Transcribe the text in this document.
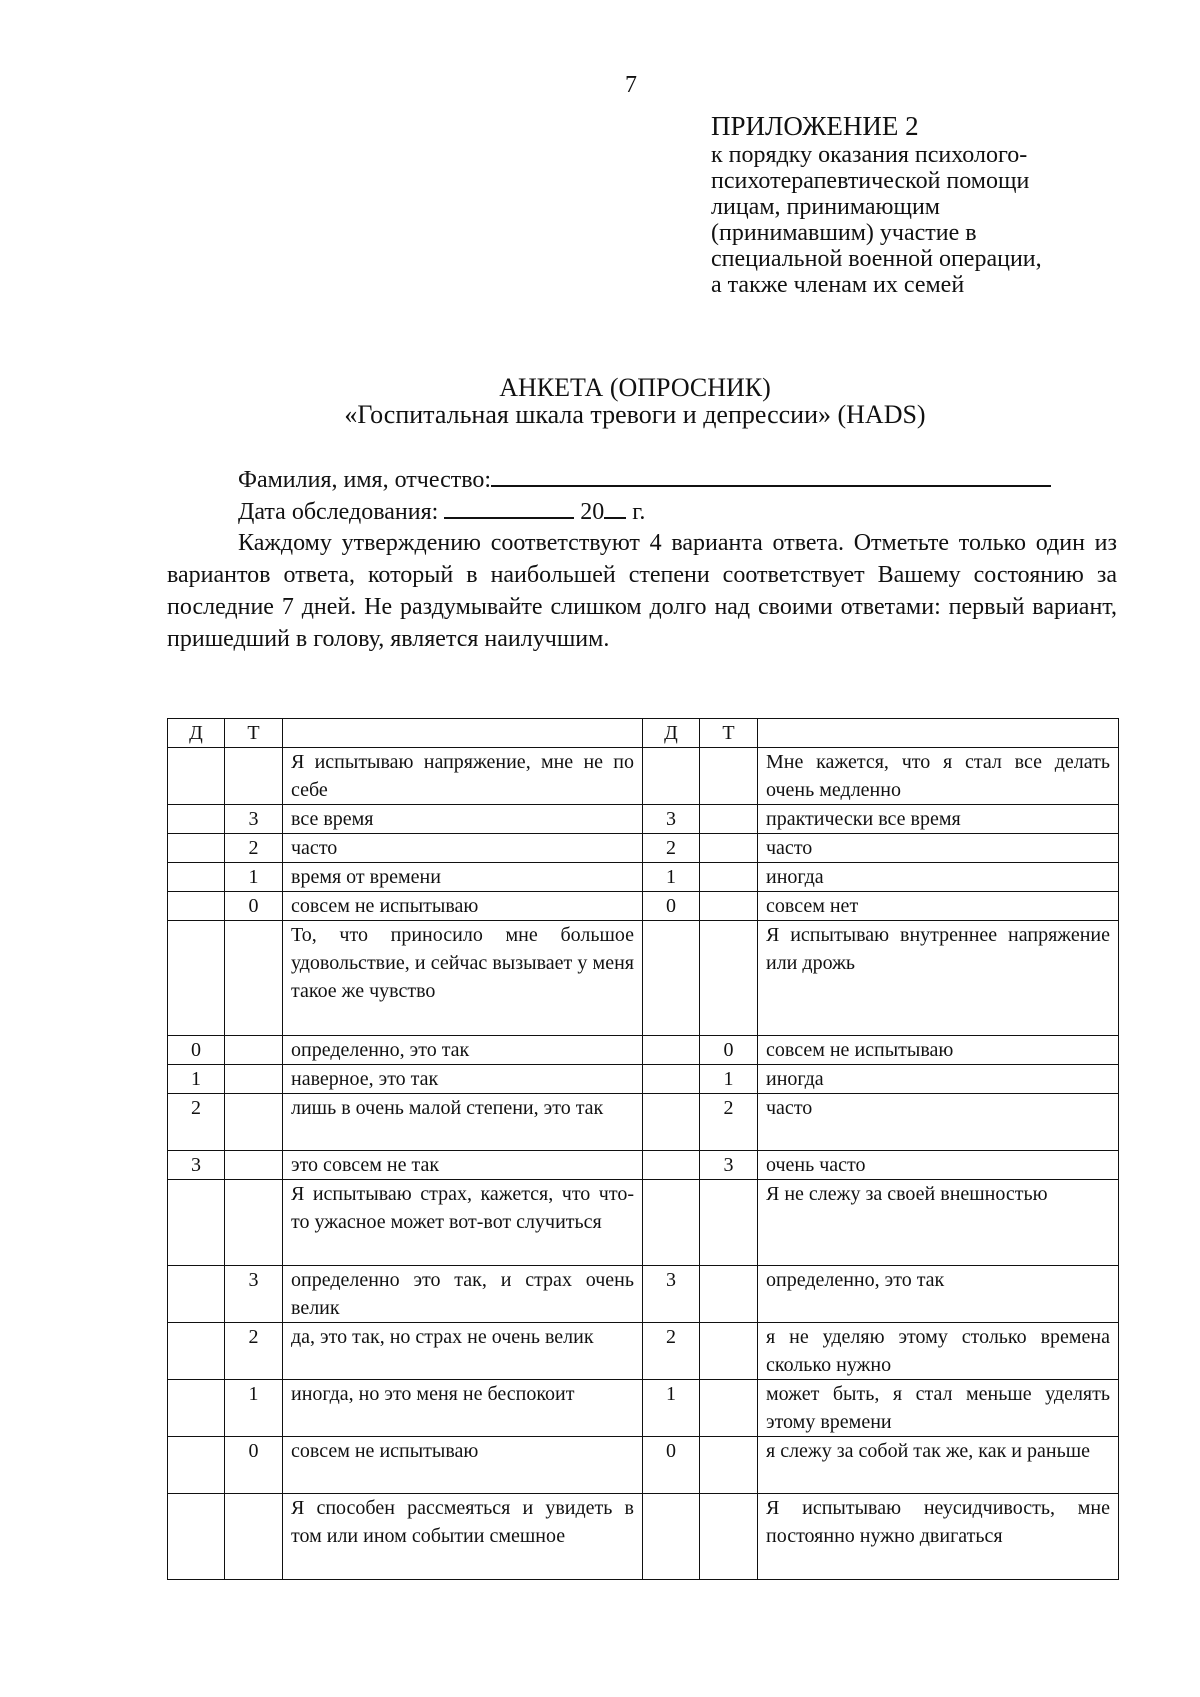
7
ПРИЛОЖЕНИЕ 2
к порядку оказания психолого-
психотерапевтической помощи
лицам, принимающим
(принимавшим) участие в
специальной военной операции,
а также членам их семей
АНКЕТА (ОПРОСНИК)
«Госпитальная шкала тревоги и депрессии» (HADS)
Фамилия, имя, отчество:
Дата обследования:	20 г.
Каждому утверждению соответствуют 4 варианта ответа. Отметьте только один из вариантов ответа, который в наибольшей степени соответствует Вашему состоянию за последние 7 дней. Не раздумывайте слишком долго над своими ответами: первый вариант, пришедший в голову, является наилучшим.
Д	Т		Д	Т	
		Я испытываю напряжение, мне не по себе			Мне кажется, что я стал все делать очень медленно
	3	все время	3		практически все время
	2	часто	2		часто
	1	время от времени	1		иногда
	0	совсем не испытываю	0		совсем нет
		То, что приносило мне большое удовольствие, и сейчас вызывает у меня такое же чувство			Я испытываю внутреннее напряжение или дрожь
0		определенно, это так		0	совсем не испытываю
1		наверное, это так		1	иногда
2		лишь в очень малой степени, это так		2	часто
3		это совсем не так		3	очень часто
		Я испытываю страх, кажется, что что-то ужасное может вот-вот случиться			Я не слежу за своей внешностью
	3	определенно это так, и страх очень велик	3		определенно, это так
	2	да, это так, но страх не очень велик	2		я не уделяю этому столько времена сколько нужно
	1	иногда, но это меня не беспокоит	1		может быть, я стал меньше уделять этому времени
	0	совсем не испытываю	0		я слежу за собой так же, как и раньше
		Я способен рассмеяться и увидеть в том или ином событии смешное			Я испытываю неусидчивость, мне постоянно нужно двигаться
